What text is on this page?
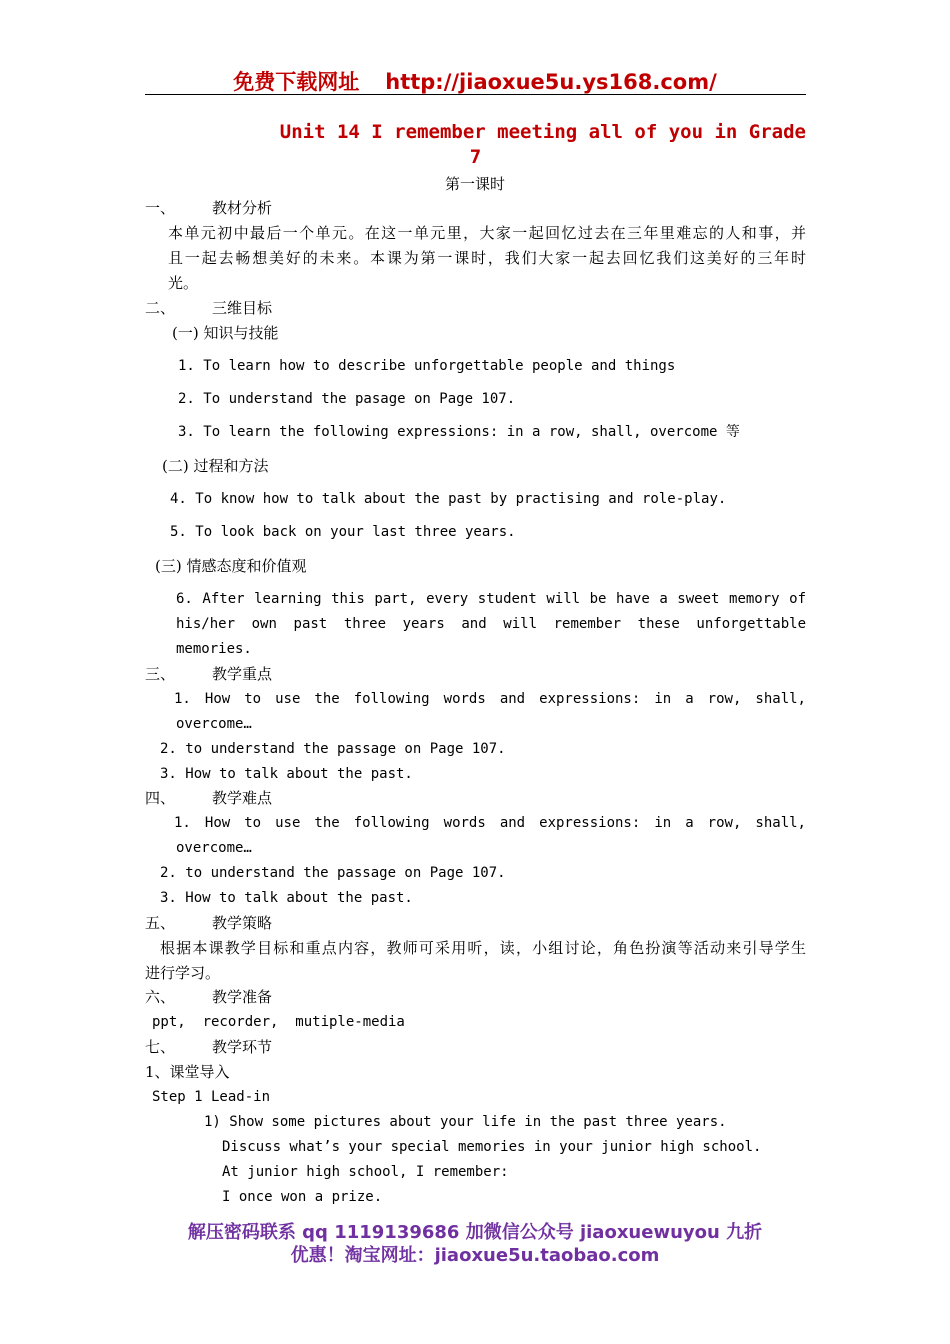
免费下载网址 http://jiaoxue5u.ys168.com/
Unit 14 I remember meeting all of you in Grade
7
第一课时
一、 教材分析
本单元初中最后一个单元。在这一单元里，大家一起回忆过去在三年里难忘的人和事，并
且一起去畅想美好的未来。本课为第一课时，我们大家一起去回忆我们这美好的三年时
光。
二、 三维目标
(一) 知识与技能
1. To learn how to describe unforgettable people and things
2. To understand the pasage on Page 107.
3. To learn the following expressions: in a row, shall, overcome 等
(二) 过程和方法
4. To know how to talk about the past by practising and role-play.
5. To look back on your last three years.
(三) 情感态度和价值观
6. After learning this part, every student will be have a sweet memory of
his/her own past three years and will remember these unforgettable
memories.
三、 教学重点
1. How to use the following words and expressions: in a row, shall,
overcome…
2. to understand the passage on Page 107.
3. How to talk about the past.
四、 教学难点
1. How to use the following words and expressions: in a row, shall,
overcome…
2. to understand the passage on Page 107.
3. How to talk about the past.
五、 教学策略
根据本课教学目标和重点内容，教师可采用听，读，小组讨论，角色扮演等活动来引导学生
进行学习。
六、 教学准备
ppt,  recorder,  mutiple-media
七、 教学环节
1、课堂导入
Step 1 Lead-in
1) Show some pictures about your life in the past three years.
Discuss what’s your special memories in your junior high school.
At junior high school, I remember:
I once won a prize.
解压密码联系 qq 1119139686 加微信公众号 jiaoxuewuyou 九折
优惠！淘宝网址：jiaoxue5u.taobao.com
